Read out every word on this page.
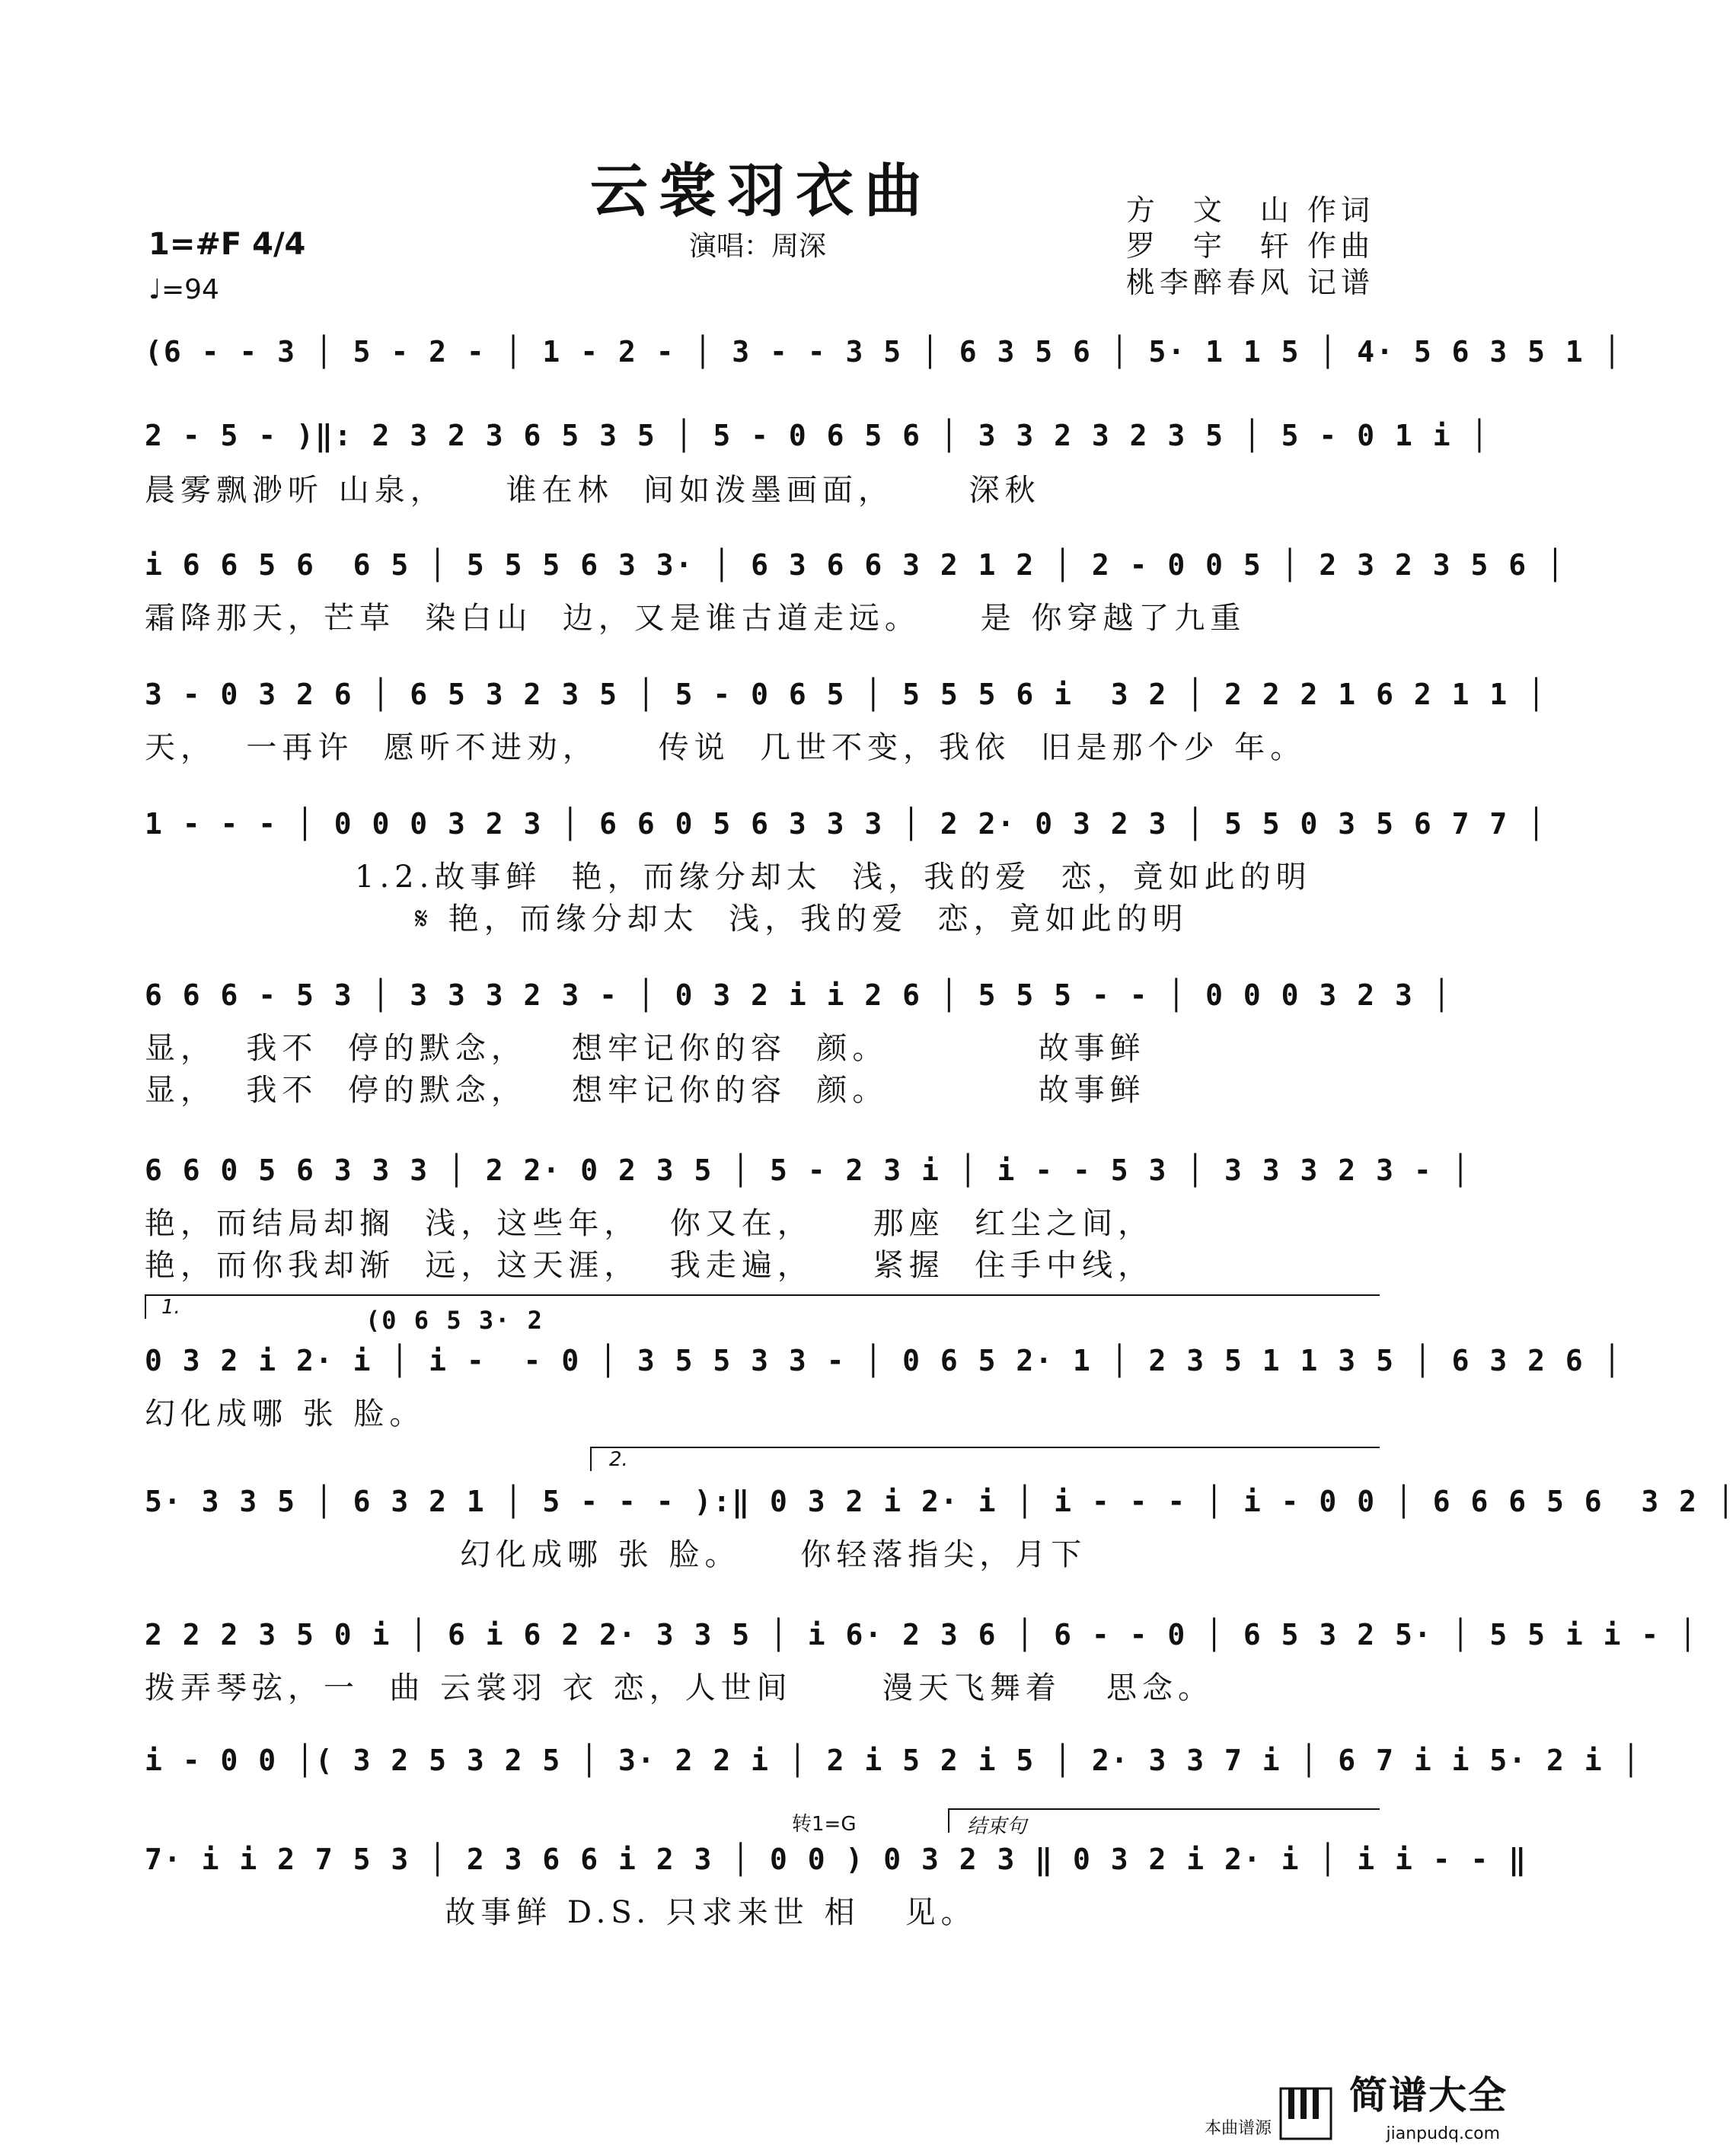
云裳羽衣曲
演唱：周深
方　文　山 作词
罗　宇　轩 作曲
桃李醉春风 记谱
1=#F 4/4
♩=94
(6 - - 3 │ 5 - 2 - │ 1 - 2 - │ 3 - - 3 5 │ 6 3 5 6 │ 5· 1 1 5 │ 4· 5 6 3 5 1 │
2 - 5 - )‖: 2 3 2 3 6 5 3 5 │ 5 - 0 6 5 6 │ 3 3 2 3 2 3 5 │ 5 - 0 1 i │
晨雾飘渺听 山泉，    谁在林  间如泼墨画面，     深秋
i 6 6 5 6  6 5 │ 5 5 5 6 3 3· │ 6 3 6 6 3 2 1 2 │ 2 - 0 0 5 │ 2 3 2 3 5 6 │
霜降那天，芒草  染白山  边，又是谁古道走远。    是 你穿越了九重
3 - 0 3 2 6 │ 6 5 3 2 3 5 │ 5 - 0 6 5 │ 5 5 5 6 i  3 2 │ 2 2 2 1 6 2 1 1 │
天，  一再许  愿听不进劝，    传说  几世不变，我依  旧是那个少 年。
1 - - - │ 0 0 0 3 2 3 │ 6 6 0 5 6 3 3 3 │ 2 2· 0 3 2 3 │ 5 5 0 3 5 6 7 7 │
1.2.故事鲜  艳，而缘分却太  浅，我的爱  恋，竟如此的明
𝄋 艳，而缘分却太  浅，我的爱  恋，竟如此的明
6 6 6 - 5 3 │ 3 3 3 2 3 - │ 0 3 2 i i 2 6 │ 5 5 5 - - │ 0 0 0 3 2 3 │
显，  我不  停的默念，   想牢记你的容  颜。          故事鲜
显，  我不  停的默念，   想牢记你的容  颜。          故事鲜
6 6 0 5 6 3 3 3 │ 2 2· 0 2 3 5 │ 5 - 2 3 i │ i - - 5 3 │ 3 3 3 2 3 - │
艳，而结局却搁  浅，这些年，  你又在，    那座  红尘之间，
艳，而你我却渐  远，这天涯，  我走遍，    紧握  住手中线，
1.	(0 6 5 3· 2
0 3 2 i 2· i │ i -  - 0 │ 3 5 5 3 3 - │ 0 6 5 2· 1 │ 2 3 5 1 1 3 5 │ 6 3 2 6 │
幻化成哪 张 脸。
2.
5· 3 3 5 │ 6 3 2 1 │ 5 - - - ):‖ 0 3 2 i 2· i │ i - - - │ i - 0 0 │ 6 6 6 5 6  3 2 │
幻化成哪 张 脸。    你轻落指尖，月下
2 2 2 3 5 0 i │ 6 i 6 2 2· 3 3 5 │ i 6· 2 3 6 │ 6 - - 0 │ 6 5 3 2 5· │ 5 5 i i - │
拨弄琴弦，一  曲 云裳羽 衣 恋，人世间      漫天飞舞着   思念。
i - 0 0 │( 3 2 5 3 2 5 │ 3· 2 2 i │ 2 i 5 2 i 5 │ 2· 3 3 7 i │ 6 7 i i 5· 2 i │
转1=G	结束句
7· i i 2 7 5 3 │ 2 3 6 6 i 2 3 │ 0 0 ) 0 3 2 3 ‖ 0 3 2 i 2· i │ i i - - ‖
故事鲜 D.S. 只求来世 相   见。
简谱大全
jianpudq.com
本曲谱源
